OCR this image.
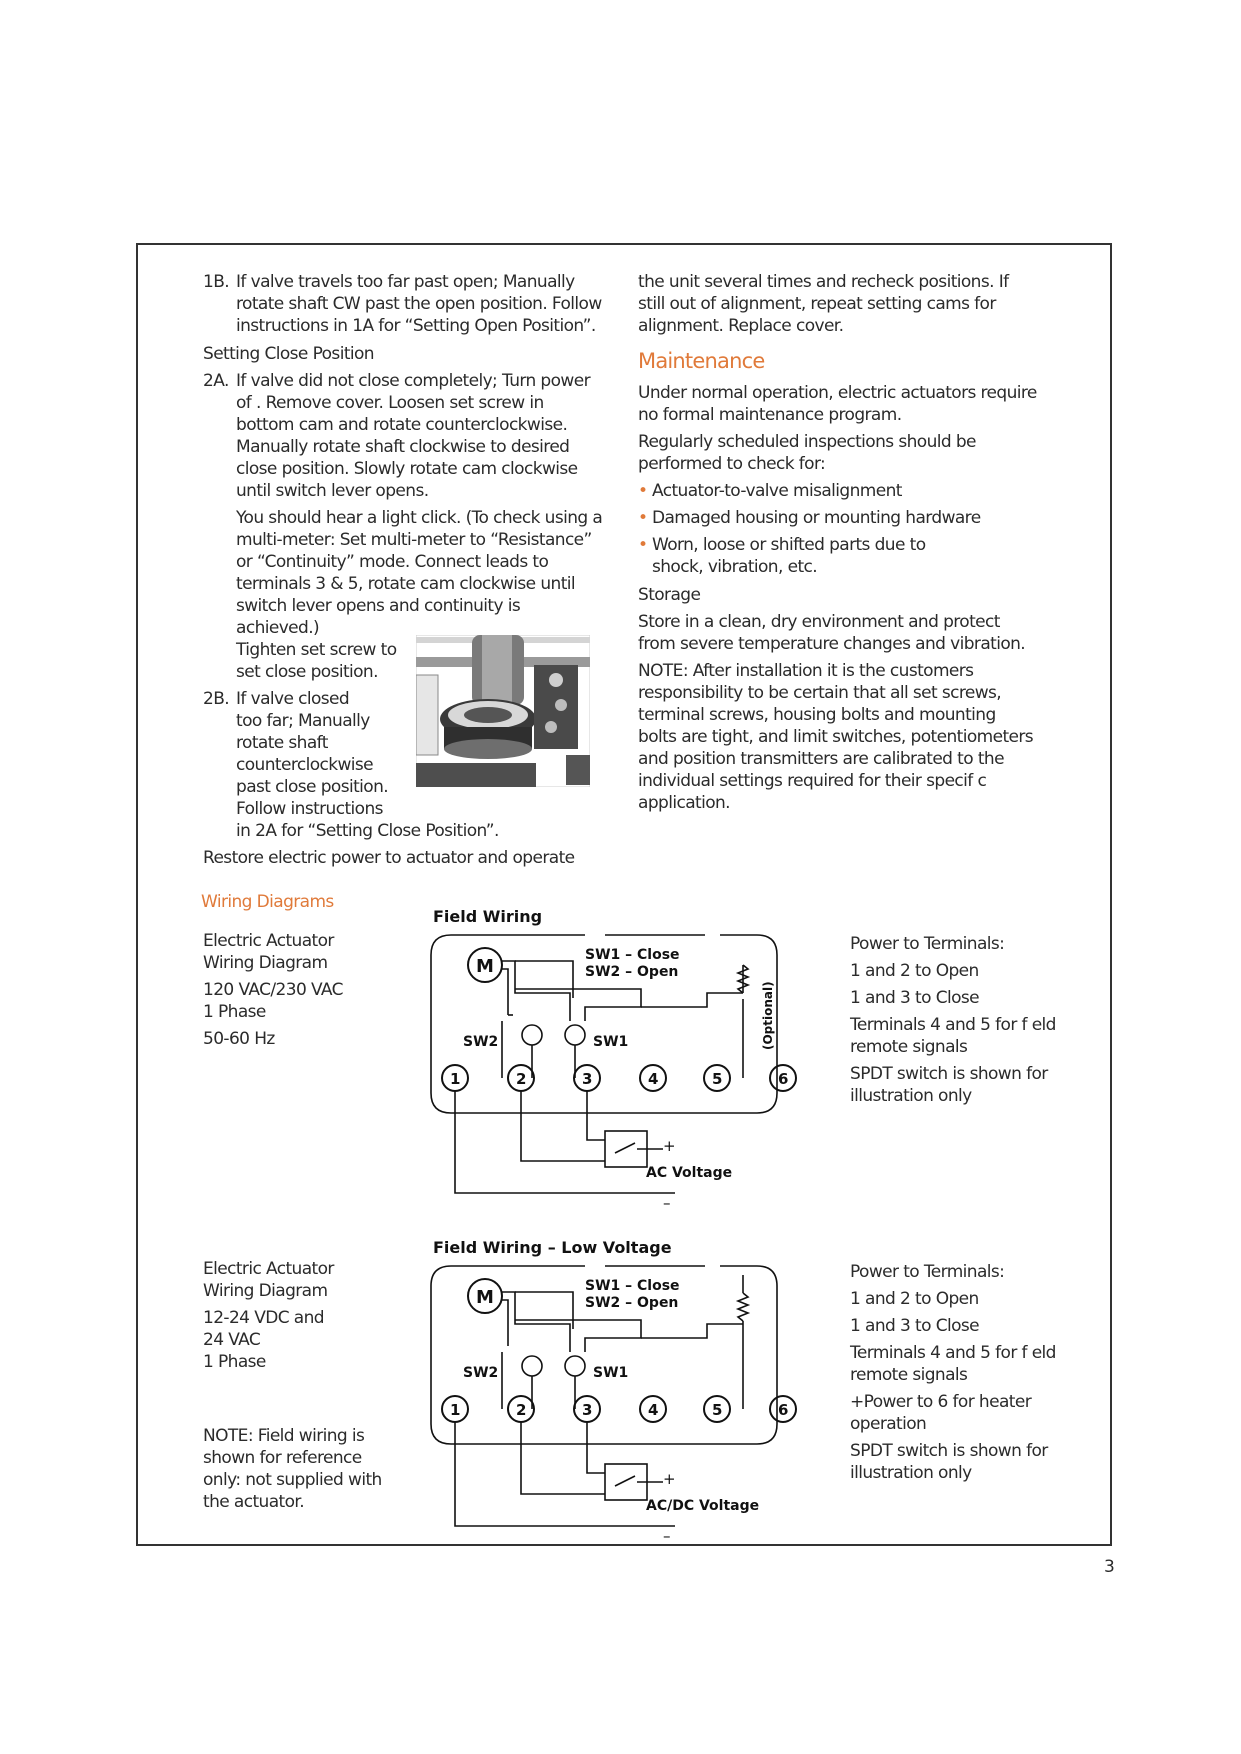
1B. If valve travels too far past open; Manually rotate shaft CW past the open position. Follow instructions in 1A for “Setting Open Position”.

Setting Close Position

2A. If valve did not close completely; Turn power of . Remove cover. Loosen set screw in bottom cam and rotate counterclockwise. Manually rotate shaft clockwise to desired close position. Slowly rotate cam clockwise until switch lever opens.

You should hear a light click. (To check using a multi-meter: Set multi-meter to “Resistance” or “Continuity” mode. Connect leads to terminals 3 & 5, rotate cam clockwise until switch lever opens and continuity is achieved.)

Tighten set screw to

set close position.

2B. If valve closed

too far; Manually

rotate shaft

counterclockwise

past close position.

Follow instructions

in 2A for “Setting Close Position”.

Restore electric power to actuator and operate

the unit several times and recheck positions. If still out of alignment, repeat setting cams for alignment. Replace cover.

Maintenance

Under normal operation, electric actuators require no formal maintenance program.

Regularly scheduled inspections should be performed to check for:

• Actuator-to-valve misalignment
• Damaged housing or mounting hardware
• Worn, loose or shifted parts due to shock, vibration, etc.

Storage

Store in a clean, dry environment and protect from severe temperature changes and vibration.

NOTE: After installation it is the customers responsibility to be certain that all set screws, terminal screws, housing bolts and mounting bolts are tight, and limit switches, potentiometers and position transmitters are calibrated to the individual settings required for their specif c application.

Wiring Diagrams

Electric Actuator

Wiring Diagram

120 VAC/230 VAC

1 Phase

50-60 Hz

Electric Actuator

Wiring Diagram

12-24 VDC and 24 VAC

1 Phase

NOTE: Field wiring is shown for reference only: not supplied with the actuator.

Power to Terminals:

1 and 2 to Open

1 and 3 to Close

Terminals 4 and 5 for f eld remote signals

SPDT switch is shown for illustration only

Power to Terminals:

1 and 2 to Open

1 and 3 to Close

Terminals 4 and 5 for f eld remote signals

+Power to 6 for heater operation

SPDT switch is shown for illustration only

Field Wiring
M
SW1 – Close
SW2 – Open
SW2	SW1	(Optional)
1	2	3	4	5	6
+
AC Voltage
–
Field Wiring – Low Voltage
M
SW1 – Close
SW2 – Open
SW2	SW1
1	2	3	4	5	6
+
AC/DC Voltage
–
3
